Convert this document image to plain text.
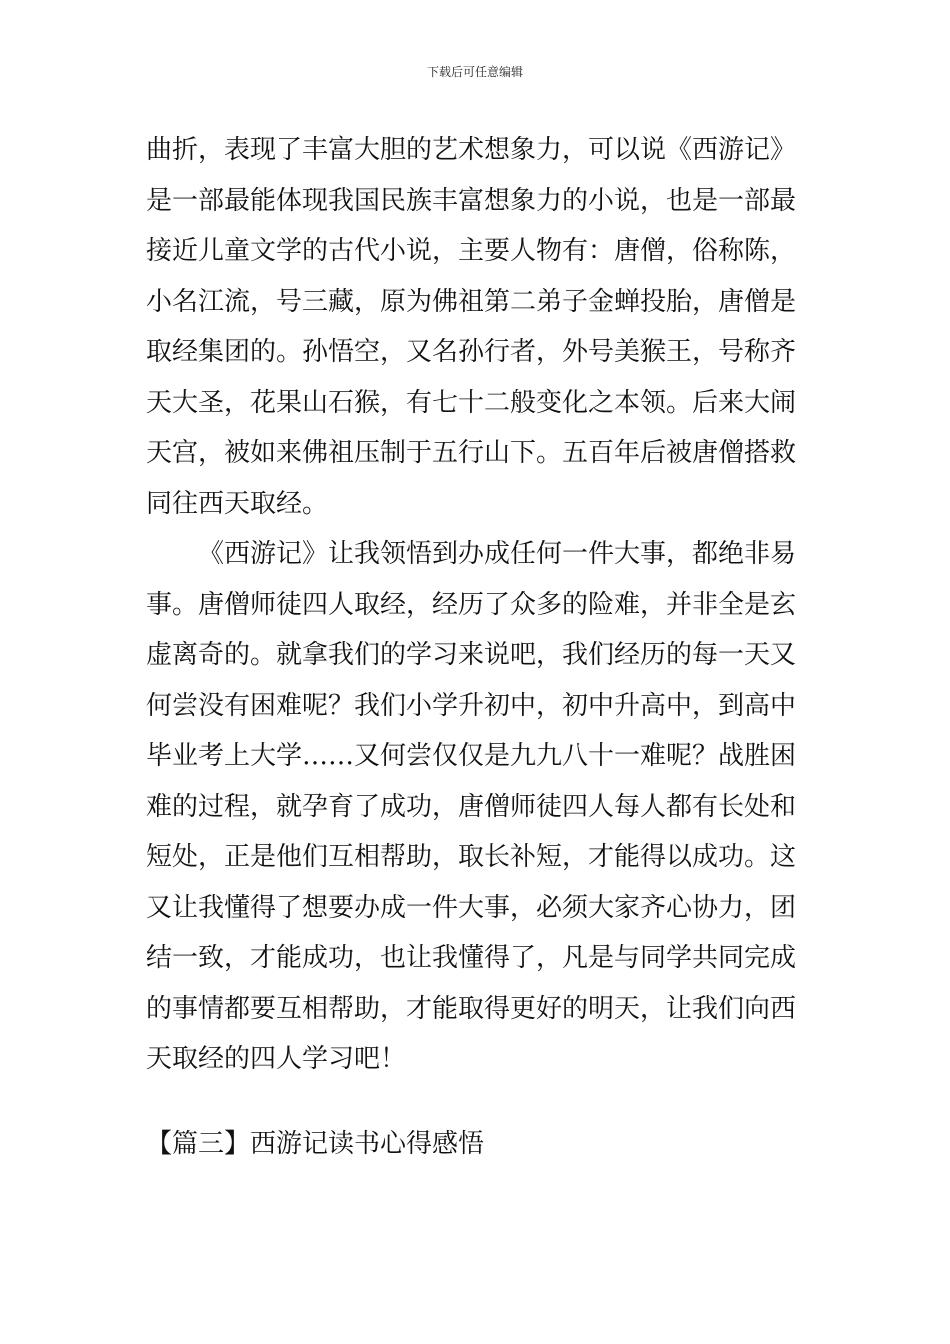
下载后可任意编辑
曲折，表现了丰富大胆的艺术想象力，可以说《西游记》
是一部最能体现我国民族丰富想象力的小说，也是一部最
接近儿童文学的古代小说，主要人物有：唐僧，俗称陈，
小名江流，号三藏，原为佛祖第二弟子金蝉投胎，唐僧是
取经集团的。孙悟空，又名孙行者，外号美猴王，号称齐
天大圣，花果山石猴，有七十二般变化之本领。后来大闹
天宫，被如来佛祖压制于五行山下。五百年后被唐僧搭救
同往西天取经。
《西游记》让我领悟到办成任何一件大事，都绝非易
事。唐僧师徒四人取经，经历了众多的险难，并非全是玄
虚离奇的。就拿我们的学习来说吧，我们经历的每一天又
何尝没有困难呢？我们小学升初中，初中升高中，到高中
毕业考上大学……又何尝仅仅是九九八十一难呢？战胜困
难的过程，就孕育了成功，唐僧师徒四人每人都有长处和
短处，正是他们互相帮助，取长补短，才能得以成功。这
又让我懂得了想要办成一件大事，必须大家齐心协力，团
结一致，才能成功，也让我懂得了，凡是与同学共同完成
的事情都要互相帮助，才能取得更好的明天，让我们向西
天取经的四人学习吧！
【篇三】西游记读书心得感悟
